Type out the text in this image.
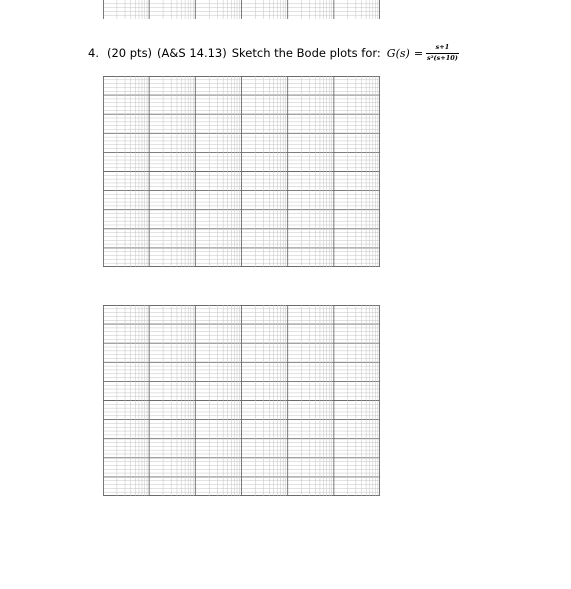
4. (20 pts) (A&S 14.13) Sketch the Bode plots for: $G(s) = \frac{s+1}{\text{s²(s+10)}}$
